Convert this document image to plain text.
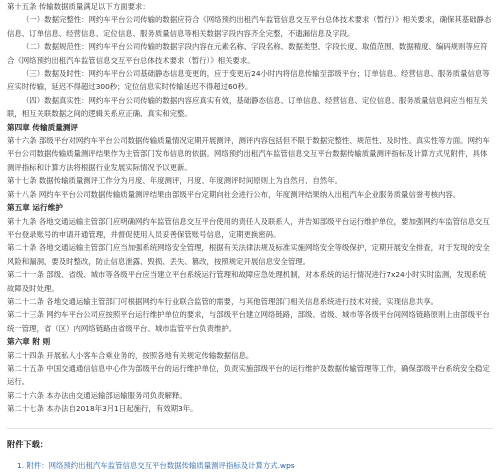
第十五条 传输数据质量满足以下方面要求：

（一）数据完整性：网约车平台公司传输的数据应符合《网络预约出租汽车监管信息交互平台总体技术要求（暂行）》相关要求，确保其基础静态信息、订单信息、经营信息、定位信息、服务质量信息等相关数据字段内容齐全完整，不遗漏信息及字段。

（二）数据规范性：网约车平台公司传输的数据字段内容在元素名称、字段名称、数据类型、字段长度、取值范围、数据精度、编码规则等应符合《网络预约出租汽车监管信息交互平台总体技术要求（暂行）》相关要求。

（三）数据及时性：网约车平台公司基础静态信息变更的，应于变更后24小时内将信息传输至部级平台；订单信息、经营信息、服务质量信息等应实时传输，延迟不得超过300秒；定位信息实时传输延迟不得超过60秒。

（四）数据真实性：网约车平台公司传输的数据内容应真实有效，基础静态信息、订单信息、经营信息、定位信息、服务质量信息间应当相互关联，相互关联数据之间的逻辑关系应正确、真实和完整。

第四章 传输质量测评

第十六条 部级平台对网约车平台公司数据传输质量情况定期开展测评，测评内容包括但不限于数据完整性、规范性、及时性、真实性等方面。网约车平台公司数据传输质量测评结果作为主管部门发布信息的依据。网络预约出租汽车监管信息交互平台数据传输质量测评指标及计算方式见附件，具体测评指标和计算方法将根据行业发展实际情况予以更新。

第十七条 数据传输质量测评工作分为月度、年度测评，月度、年度测评时间原则上为自然月、自然年。

第十八条 网约车平台公司数据传输质量测评结果由部级平台定期向社会进行公布，年度测评结果纳入出租汽车企业服务质量信誉考核内容。

第五章 运行维护

第十九条 各地交通运输主管部门应明确网约车监管信息交互平台使用的责任人及联系人，并告知部级平台运行维护单位，要加强网约车监管信息交互平台登录账号的申请开通管理，并督促使用人员妥善保管账号信息，定期更换密码。

第二十条 各地交通运输主管部门应当加强系统网络安全管理，根据有关法律法规及标准实施网络安全等级保护，定期开展安全排查，对于发现的安全风险和漏洞，要及时整改，防止信息泄露、毁损、丢失、篡改，按照规定开展信息安全管理。

第二十一条 部级、省级、城市等各级平台应当建立平台系统运行管理和故障应急处理机制，对本系统的运行情况进行7x24小时实时监测，发现系统故障及时处理。

第二十二条 各地交通运输主管部门可根据网约车行业联合监管的需要，与其他管理部门相关信息系统进行技术对接，实现信息共享。

第二十三条 网约车平台公司应按照平台运行维护单位的要求，与部级平台建立网络链路，部级、省级、城市等各级平台间网络链路原则上由部级平台统一管理，省（区）内网络链路由省级平台、城市监管平台负责维护。

第六章 附 则

第二十四条 开展私人小客车合乘业务的，按照各地有关规定传输数据信息。

第二十五条 中国交通通信信息中心作为部级平台的运行维护单位，负责实施部级平台的运行维护及数据传输管理等工作，确保部级平台系统安全稳定运行。

第二十六条 本办法由交通运输部运输服务司负责解释。

第二十七条 本办法自2018年3月1日起施行，有效期3年。

附件下载：
1. 附件：网络预约出租汽车监管信息交互平台数据传输质量测评指标及计算方式.wps
